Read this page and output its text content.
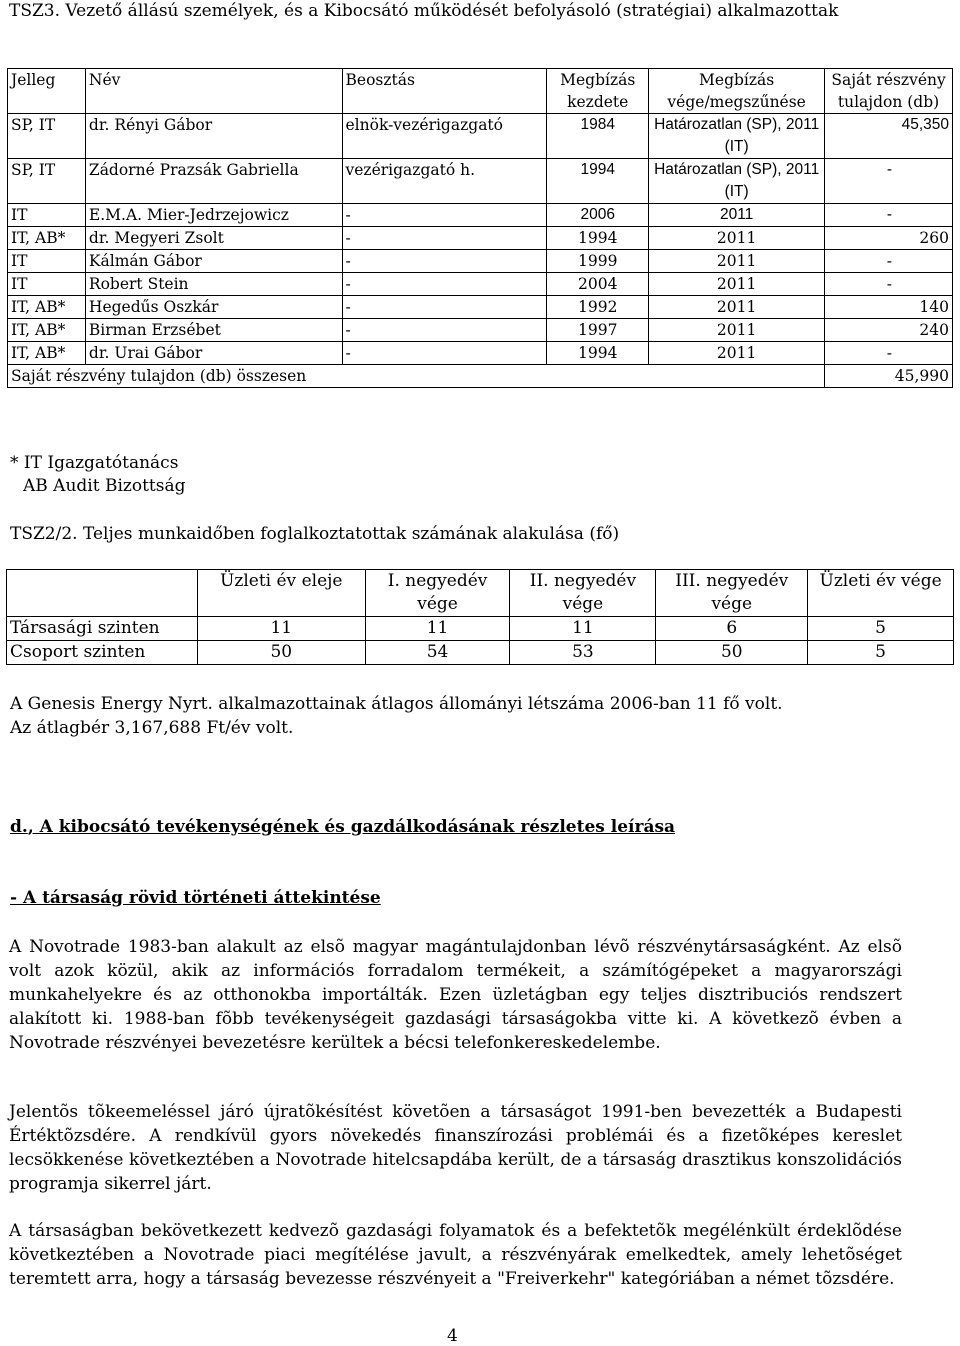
TSZ3. Vezető állású személyek, és a Kibocsátó működését befolyásoló (stratégiai) alkalmazottak
Jelleg	Név	Beosztás	Megbízás kezdete	Megbízás vége/megszűnése	Saját részvény tulajdon (db)
SP, IT	dr. Rényi Gábor	elnök-vezérigazgató	1984	Határozatlan (SP), 2011 (IT)	45,350
SP, IT	Zádorné Prazsák Gabriella	vezérigazgató h.	1994	Határozatlan (SP), 2011 (IT)	-
IT	E.M.A. Mier-Jedrzejowicz	-	2006	2011	-
IT, AB*	dr. Megyeri Zsolt	-	1994	2011	260
IT	Kálmán Gábor	-	1999	2011	-
IT	Robert Stein	-	2004	2011	-
IT, AB*	Hegedűs Oszkár	-	1992	2011	140
IT, AB*	Birman Erzsébet	-	1997	2011	240
IT, AB*	dr. Urai Gábor	-	1994	2011	-
Saját részvény tulajdon (db) összesen					45,990
* IT Igazgatótanács
AB Audit Bizottság
TSZ2/2. Teljes munkaidőben foglalkoztatottak számának alakulása (fő)
	Üzleti év eleje	I. negyedév vége	II. negyedév vége	III. negyedév vége	Üzleti év vége
Társasági szinten	11	11	11	6	5
Csoport szinten	50	54	53	50	5
A Genesis Energy Nyrt. alkalmazottainak átlagos állományi létszáma 2006-ban 11 fő volt.
Az átlagbér 3,167,688 Ft/év volt.
d., A kibocsátó tevékenységének és gazdálkodásának részletes leírása
- A társaság rövid történeti áttekintése

A Novotrade 1983-ban alakult az elsõ magyar magántulajdonban lévõ részvénytársaságként. Az elsõ volt azok közül, akik az információs forradalom termékeit, a számítógépeket a magyarországi munkahelyekre és az otthonokba importálták. Ezen üzletágban egy teljes disztribuciós rendszert alakított ki. 1988-ban fõbb tevékenységeit gazdasági társaságokba vitte ki. A következõ évben a Novotrade részvényei bevezetésre kerültek a bécsi telefonkereskedelembe.

Jelentõs tõkeemeléssel járó újratõkésítést követõen a társaságot 1991-ben bevezették a Budapesti Értéktõzsdére. A rendkívül gyors növekedés finanszírozási problémái és a fizetõképes kereslet lecsökkenése következtében a Novotrade hitelcsapdába került, de a társaság drasztikus konszolidációs programja sikerrel járt.

A társaságban bekövetkezett kedvezõ gazdasági folyamatok és a befektetõk megélénkült érdeklõdése következtében a Novotrade piaci megítélése javult, a részvényárak emelkedtek, amely lehetõséget teremtett arra, hogy a társaság bevezesse részvényeit a "Freiverkehr" kategóriában a német tõzsdére.

4
